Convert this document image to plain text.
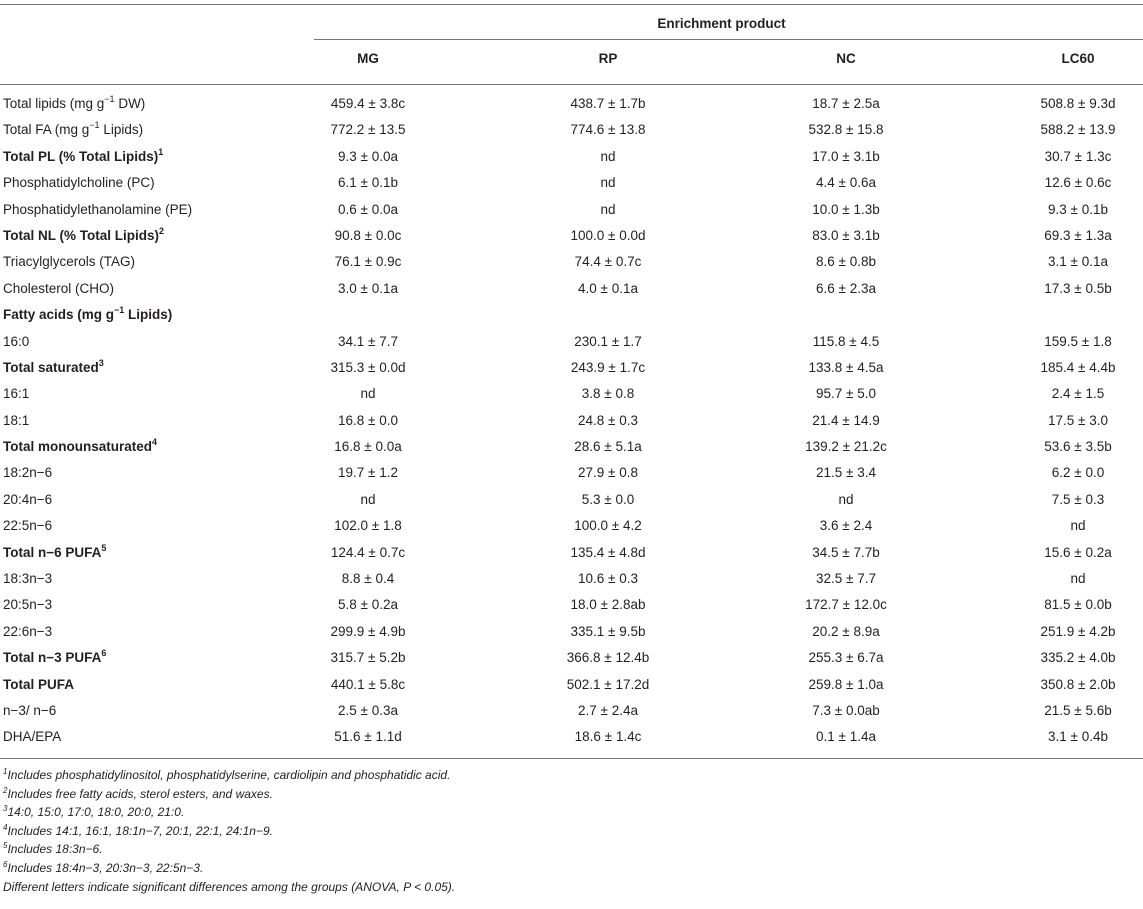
Enrichment product
MG	RP	NC	LC60
Total lipids (mg $g^{-1}$ DW)	459.4 ± 3.8c	438.7 ± 1.7b	18.7 ± 2.5a	508.8 ± 9.3d
Total FA (mg $g^{-1}$ Lipids)	772.2 ± 13.5	774.6 ± 13.8	532.8 ± 15.8	588.2 ± 13.9
Total PL (% Total Lipids)$^1$	9.3 ± 0.0a	nd	17.0 ± 3.1b	30.7 ± 1.3c
Phosphatidylcholine (PC)	6.1 ± 0.1b	nd	4.4 ± 0.6a	12.6 ± 0.6c
Phosphatidylethanolamine (PE)	0.6 ± 0.0a	nd	10.0 ± 1.3b	9.3 ± 0.1b
Total NL (% Total Lipids)$^2$	90.8 ± 0.0c	100.0 ± 0.0d	83.0 ± 3.1b	69.3 ± 1.3a
Triacylglycerols (TAG)	76.1 ± 0.9c	74.4 ± 0.7c	8.6 ± 0.8b	3.1 ± 0.1a
Cholesterol (CHO)	3.0 ± 0.1a	4.0 ± 0.1a	6.6 ± 2.3a	17.3 ± 0.5b
Fatty acids (mg $g^{-1}$ Lipids)
16:0	34.1 ± 7.7	230.1 ± 1.7	115.8 ± 4.5	159.5 ± 1.8
Total saturated$^3$	315.3 ± 0.0d	243.9 ± 1.7c	133.8 ± 4.5a	185.4 ± 4.4b
16:1	nd	3.8 ± 0.8	95.7 ± 5.0	2.4 ± 1.5
18:1	16.8 ± 0.0	24.8 ± 0.3	21.4 ± 14.9	17.5 ± 3.0
Total monounsaturated$^4$	16.8 ± 0.0a	28.6 ± 5.1a	139.2 ± 21.2c	53.6 ± 3.5b
18:2n−6	19.7 ± 1.2	27.9 ± 0.8	21.5 ± 3.4	6.2 ± 0.0
20:4n−6	nd	5.3 ± 0.0	nd	7.5 ± 0.3
22:5n−6	102.0 ± 1.8	100.0 ± 4.2	3.6 ± 2.4	nd
Total n−6 PUFA$^5$	124.4 ± 0.7c	135.4 ± 4.8d	34.5 ± 7.7b	15.6 ± 0.2a
18:3n−3	8.8 ± 0.4	10.6 ± 0.3	32.5 ± 7.7	nd
20:5n−3	5.8 ± 0.2a	18.0 ± 2.8ab	172.7 ± 12.0c	81.5 ± 0.0b
22:6n−3	299.9 ± 4.9b	335.1 ± 9.5b	20.2 ± 8.9a	251.9 ± 4.2b
Total n−3 PUFA$^6$	315.7 ± 5.2b	366.8 ± 12.4b	255.3 ± 6.7a	335.2 ± 4.0b
Total PUFA	440.1 ± 5.8c	502.1 ± 17.2d	259.8 ± 1.0a	350.8 ± 2.0b
n−3/ n−6	2.5 ± 0.3a	2.7 ± 2.4a	7.3 ± 0.0ab	21.5 ± 5.6b
DHA/EPA	51.6 ± 1.1d	18.6 ± 1.4c	0.1 ± 1.4a	3.1 ± 0.4b
$^1$Includes phosphatidylinositol, phosphatidylserine, cardiolipin and phosphatidic acid.
$^2$Includes free fatty acids, sterol esters, and waxes.
$^3$14:0, 15:0, 17:0, 18:0, 20:0, 21:0.
$^4$Includes 14:1, 16:1, 18:1n−7, 20:1, 22:1, 24:1n−9.
$^5$Includes 18:3n−6.
$^6$Includes 18:4n−3, 20:3n−3, 22:5n−3.
Different letters indicate significant differences among the groups (ANOVA, P < 0.05).
